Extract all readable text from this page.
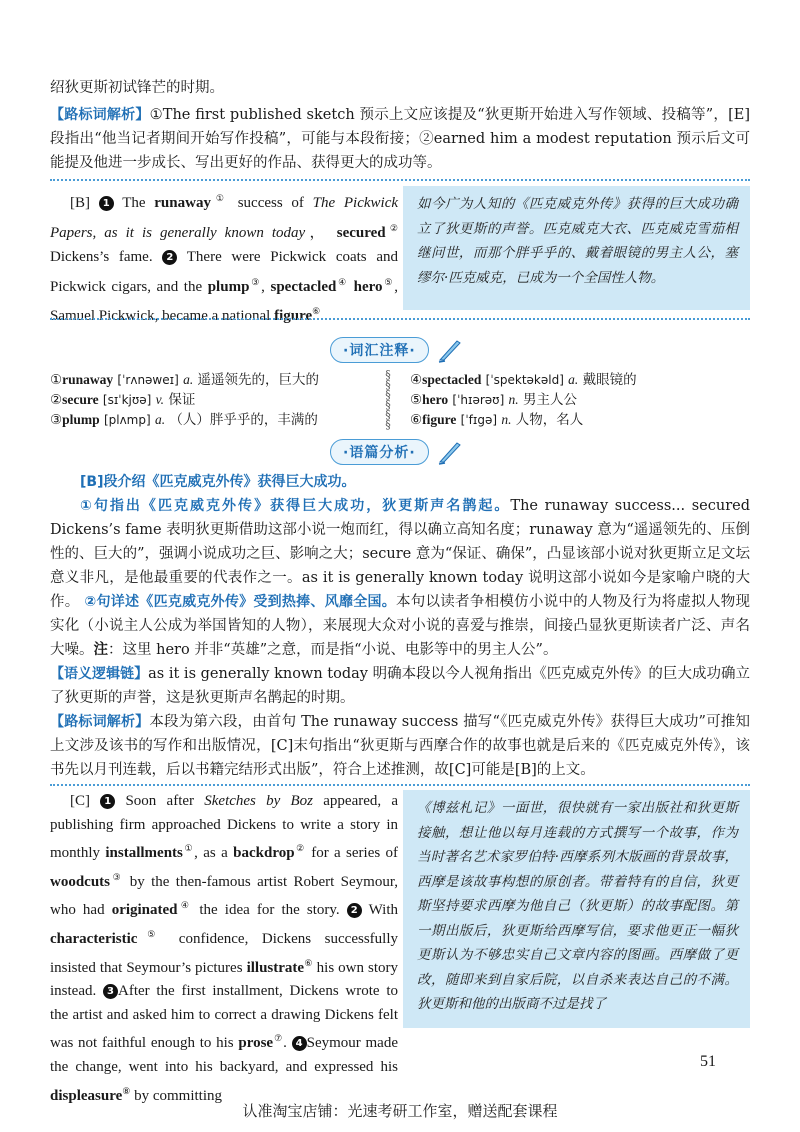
绍狄更斯初试锋芒的时期。
【路标词解析】①The first published sketch 预示上文应该提及“狄更斯开始进入写作领域、投稿等”，[E]段指出“他当记者期间开始写作投稿”，可能与本段衔接；②earned him a modest reputation 预示后文可能提及他进一步成长、写出更好的作品、获得更大的成功等。
[B] 1 The runaway① success of The Pickwick Papers, as it is generally known today， secured② Dickens’s fame. 2 There were Pickwick coats and Pickwick cigars, and the plump③, spectacled④ hero⑤, Samuel Pickwick, became a national figure⑥.
如今广为人知的《匹克威克外传》获得的巨大成功确立了狄更斯的声誉。匹克威克大衣、匹克威克雪茄相继问世，而那个胖乎乎的、戴着眼镜的男主人公，塞缪尔·匹克威克，已成为一个全国性人物。
·词汇注释·
①runaway [ˈrʌnəweɪ] a. 遥遥领先的，巨大的
②secure [sɪˈkjʊə] v. 保证
③plump [plʌmp] a. （人）胖乎乎的，丰满的
§
§
§
§
§
§
④spectacled [ˈspektəkəld] a. 戴眼镜的
⑤hero [ˈhɪərəʊ] n. 男主人公
⑥figure [ˈfɪgə] n. 人物，名人
·语篇分析·
[B]段介绍《匹克威克外传》获得巨大成功。
①句指出《匹克威克外传》获得巨大成功，狄更斯声名鹊起。The runaway success... secured Dickens’s fame 表明狄更斯借助这部小说一炮而红，得以确立高知名度；runaway 意为“遥遥领先的、压倒性的、巨大的”，强调小说成功之巨、影响之大；secure 意为“保证、确保”，凸显该部小说对狄更斯立足文坛意义非凡，是他最重要的代表作之一。as it is generally known today 说明这部小说如今是家喻户晓的大作。 ②句详述《匹克威克外传》受到热捧、风靡全国。本句以读者争相模仿小说中的人物及行为将虚拟人物现实化（小说主人公成为举国皆知的人物），来展现大众对小说的喜爱与推崇，间接凸显狄更斯读者广泛、声名大噪。注：这里 hero 并非“英雄”之意，而是指“小说、电影等中的男主人公”。
【语义逻辑链】as it is generally known today 明确本段以今人视角指出《匹克威克外传》的巨大成功确立了狄更斯的声誉，这是狄更斯声名鹊起的时期。
【路标词解析】本段为第六段，由首句 The runaway success 描写“《匹克威克外传》获得巨大成功”可推知上文涉及该书的写作和出版情况，[C]末句指出“狄更斯与西摩合作的故事也就是后来的《匹克威克外传》，该书先以月刊连载，后以书籍完结形式出版”，符合上述推测，故[C]可能是[B]的上文。
[C] 1 Soon after Sketches by Boz appeared, a publishing firm approached Dickens to write a story in monthly installments①, as a backdrop② for a series of woodcuts③ by the then-famous artist Robert Seymour, who had originated④ the idea for the story. 2 With characteristic⑤ confidence, Dickens successfully insisted that Seymour’s pictures illustrate⑥ his own story instead. 3 After the first installment, Dickens wrote to the artist and asked him to correct a drawing Dickens felt was not faithful enough to his prose⑦. 4 Seymour made the change, went into his backyard, and expressed his displeasure⑧ by committing
《博兹札记》一面世，很快就有一家出版社和狄更斯接触，想让他以每月连载的方式撰写一个故事，作为当时著名艺术家罗伯特·西摩系列木版画的背景故事，西摩是该故事构想的原创者。带着特有的自信，狄更斯坚持要求西摩为他自己（狄更斯）的故事配图。第一期出版后，狄更斯给西摩写信，要求他更正一幅狄更斯认为不够忠实自己文章内容的图画。西摩做了更改，随即来到自家后院，以自杀来表达自己的不满。狄更斯和他的出版商不过是找了
51
认准淘宝店铺：光速考研工作室，赠送配套课程
